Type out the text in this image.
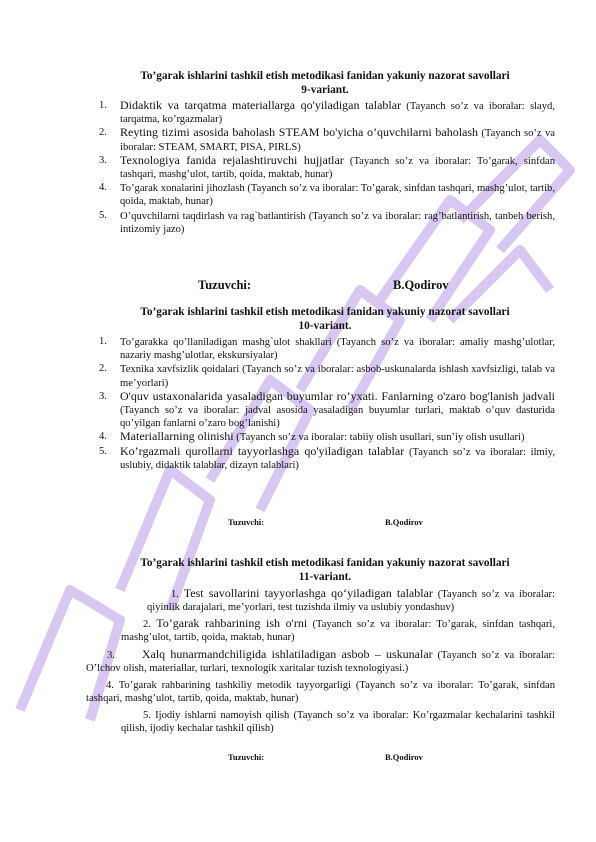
To’garak ishlarini tashkil etish metodikasi fanidan yakuniy nazorat savollari
9-variant.

1. Didaktik va tarqatma materiallarga qo'yiladigan talablar (Tayanch so’z va iboralar: slayd, tarqatma, ko’rgazmalar)
2. Reyting tizimi asosida baholash STEAM bo'yicha o’quvchilarni baholash (Tayanch so’z va iboralar: STEAM, SMART, PISA, PIRLS)
3. Texnologiya fanida rejalashtiruvchi hujjatlar (Tayanch so’z va iboralar: To’garak, sinfdan tashqari, mashg’ulot, tartib, qoida, maktab, hunar)
4. To’garak xonalarini jihozlash (Tayanch so’z va iboralar: To’garak, sinfdan tashqari, mashg’ulot, tartib, qoida, maktab, hunar)
5. O’quvchilarni taqdirlash va rag`batlantirish (Tayanch so’z va iboralar: rag’batlantirish, tanbeh berish, intizomiy jazo)
Tuzuvchi:	B.Qodirov

To’garak ishlarini tashkil etish metodikasi fanidan yakuniy nazorat savollari
10-variant.

1. To’garakka qo’llaniladigan mashg`ulot shakllari (Tayanch so’z va iboralar: amaliy mashg’ulotlar, nazariy mashg’ulotlar, ekskursiyalar)
2. Texnika xavfsizlik qoidalari (Tayanch so’z va iboralar: asbob-uskunalarda ishlash xavfsizligi, talab va me’yorlari)
3. O'quv ustaxonalarida yasaladigan buyumlar ro’yxati. Fanlarning o'zaro bog'lanish jadvali (Tayanch so’z va iboralar: jadval asosida yasaladigan buyumlar turlari, maktab o’quv dasturida qo’yilgan fanlarni o’zaro bog’lanishi)
4. Materiallarning olinishi (Tayanch so’z va iboralar: tabiiy olish usullari, sun’iy olish usullari)
5. Ko’rgazmali qurollarni tayyorlashga qo'yiladigan talablar (Tayanch so’z va iboralar: ilmiy, uslubiy, didaktik talablar, dizayn talablari)
Tuzuvchi:	B.Qodirov

To’garak ishlarini tashkil etish metodikasi fanidan yakuniy nazorat savollari
11-variant.

1. Test savollarini tayyorlashga qo‘yiladigan talablar (Tayanch so’z va iboralar: qiyinlik darajalari, me’yorlari, test tuzishda ilmiy va uslubiy yondashuv)
2. To’garak rahbarining ish o'rni (Tayanch so’z va iboralar: To’garak, sinfdan tashqari, mashg’ulot, tartib, qoida, maktab, hunar)
3. Xalq hunarmandchiligida ishlatiladigan asbob – uskunalar (Tayanch so’z va iboralar: O’lchov olish, materiallar, turlari, texnologik xaritalar tuzish texnologiyasi.)
4. To’garak rahbarining tashkiliy metodik tayyorgarligi (Tayanch so’z va iboralar: To’garak, sinfdan tashqari, mashg’ulot, tartib, qoida, maktab, hunar)
5. Ijodiy ishlarni namoyish qilish (Tayanch so’z va iboralar: Ko’rgazmalar kechalarini tashkil qilish, ijodiy kechalar tashkil qilish)
Tuzuvchi:	B.Qodirov
